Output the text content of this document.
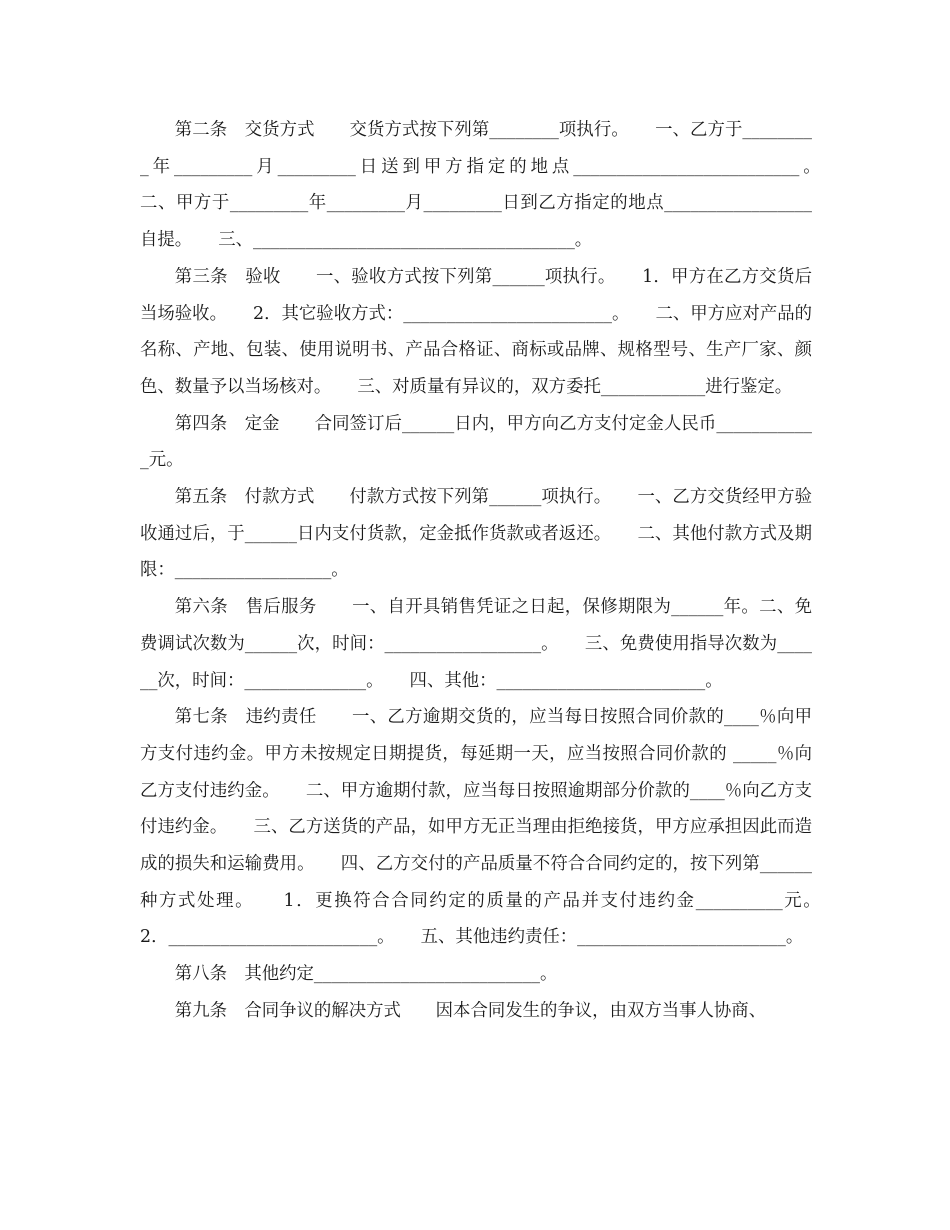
第二条　交货方式　　交货方式按下列第________项执行。　　一、乙方于_________年_________月_________日送到甲方指定的地点__________________________。　　二、甲方于_________年_________月_________日到乙方指定的地点_________________自提。　　三、_____________________________________。

第三条　验收　　一、验收方式按下列第______项执行。　　1．甲方在乙方交货后当场验收。　　2．其它验收方式：________________________。　　二、甲方应对产品的名称、产地、包装、使用说明书、产品合格证、商标或品牌、规格型号、生产厂家、颜色、数量予以当场核对。　　三、对质量有异议的，双方委托____________进行鉴定。

第四条　定金　　合同签订后______日内，甲方向乙方支付定金人民币____________元。

第五条　付款方式　　付款方式按下列第______项执行。　　一、乙方交货经甲方验收通过后，于______日内支付货款，定金抵作货款或者返还。　　二、其他付款方式及期限：__________________。

第六条　售后服务　　一、自开具销售凭证之日起，保修期限为______年。二、免费调试次数为______次，时间：__________________。　　三、免费使用指导次数为______次，时间：______________。　　四、其他：________________________。

第七条　违约责任　　一、乙方逾期交货的，应当每日按照合同价款的____％向甲方支付违约金。甲方未按规定日期提货，每延期一天，应当按照合同价款的 _____％向乙方支付违约金。　　二、甲方逾期付款，应当每日按照逾期部分价款的____％向乙方支付违约金。　　三、乙方送货的产品，如甲方无正当理由拒绝接货，甲方应承担因此而造成的损失和运输费用。　　四、乙方交付的产品质量不符合合同约定的，按下列第______种方式处理。　　1．更换符合合同约定的质量的产品并支付违约金__________元。　　2．________________________。　　五、其他违约责任：________________________。

第八条　其他约定__________________________。

第九条　合同争议的解决方式　　因本合同发生的争议，由双方当事人协商、
